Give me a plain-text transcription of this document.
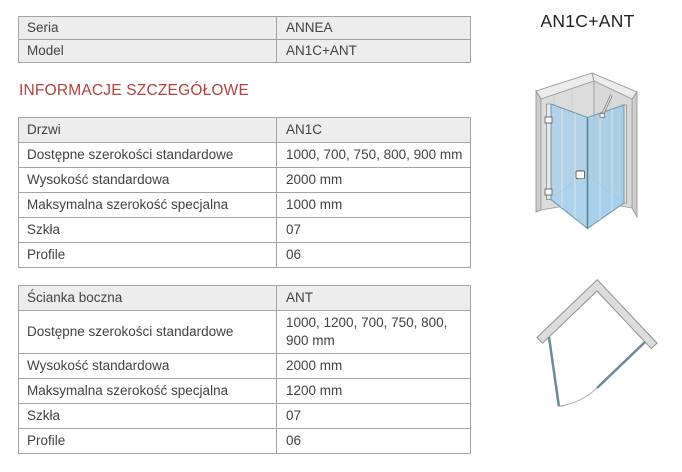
Seria	ANNEA
Model	AN1C+ANT
INFORMACJE SZCZEGÓŁOWE
Drzwi	AN1C
Dostępne szerokości standardowe	1000, 700, 750, 800, 900 mm
Wysokość standardowa	2000 mm
Maksymalna szerokość specjalna	1000 mm
Szkła	07
Profile	06
Ścianka boczna	ANT
Dostępne szerokości standardowe	1000, 1200, 700, 750, 800, 900 mm
Wysokość standardowa	2000 mm
Maksymalna szerokość specjalna	1200 mm
Szkła	07
Profile	06
AN1C+ANT
